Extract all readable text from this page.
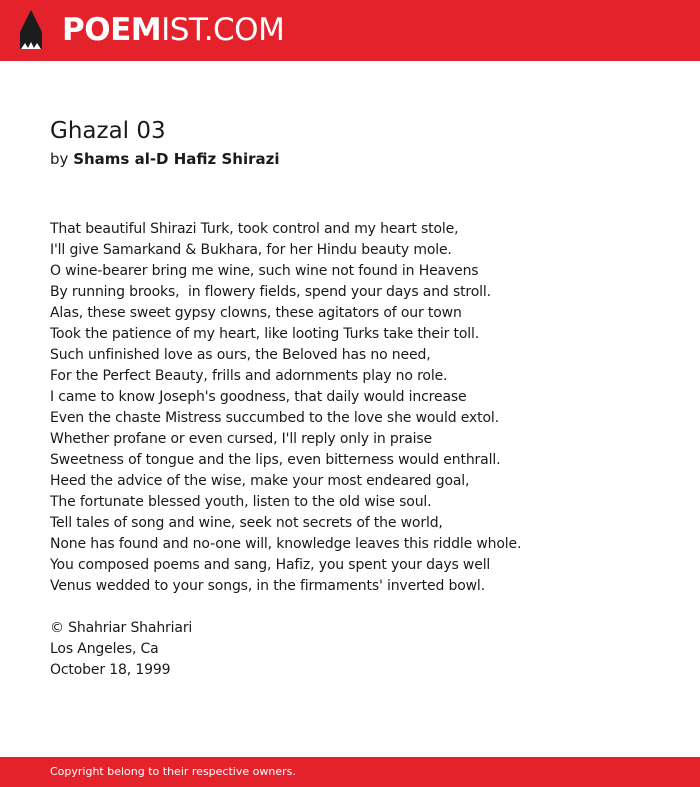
POEMIST.COM
Ghazal 03
by Shams al-D Hafiz Shirazi
That beautiful Shirazi Turk, took control and my heart stole,
I'll give Samarkand & Bukhara, for her Hindu beauty mole.
O wine-bearer bring me wine, such wine not found in Heavens
By running brooks,  in flowery fields, spend your days and stroll.
Alas, these sweet gypsy clowns, these agitators of our town
Took the patience of my heart, like looting Turks take their toll.
Such unfinished love as ours, the Beloved has no need,
For the Perfect Beauty, frills and adornments play no role.
I came to know Joseph's goodness, that daily would increase
Even the chaste Mistress succumbed to the love she would extol.
Whether profane or even cursed, I'll reply only in praise
Sweetness of tongue and the lips, even bitterness would enthrall.
Heed the advice of the wise, make your most endeared goal,
The fortunate blessed youth, listen to the old wise soul.
Tell tales of song and wine, seek not secrets of the world,
None has found and no-one will, knowledge leaves this riddle whole.
You composed poems and sang, Hafiz, you spent your days well
Venus wedded to your songs, in the firmaments' inverted bowl.
© Shahriar Shahriari
Los Angeles, Ca
October 18, 1999
Copyright belong to their respective owners.
